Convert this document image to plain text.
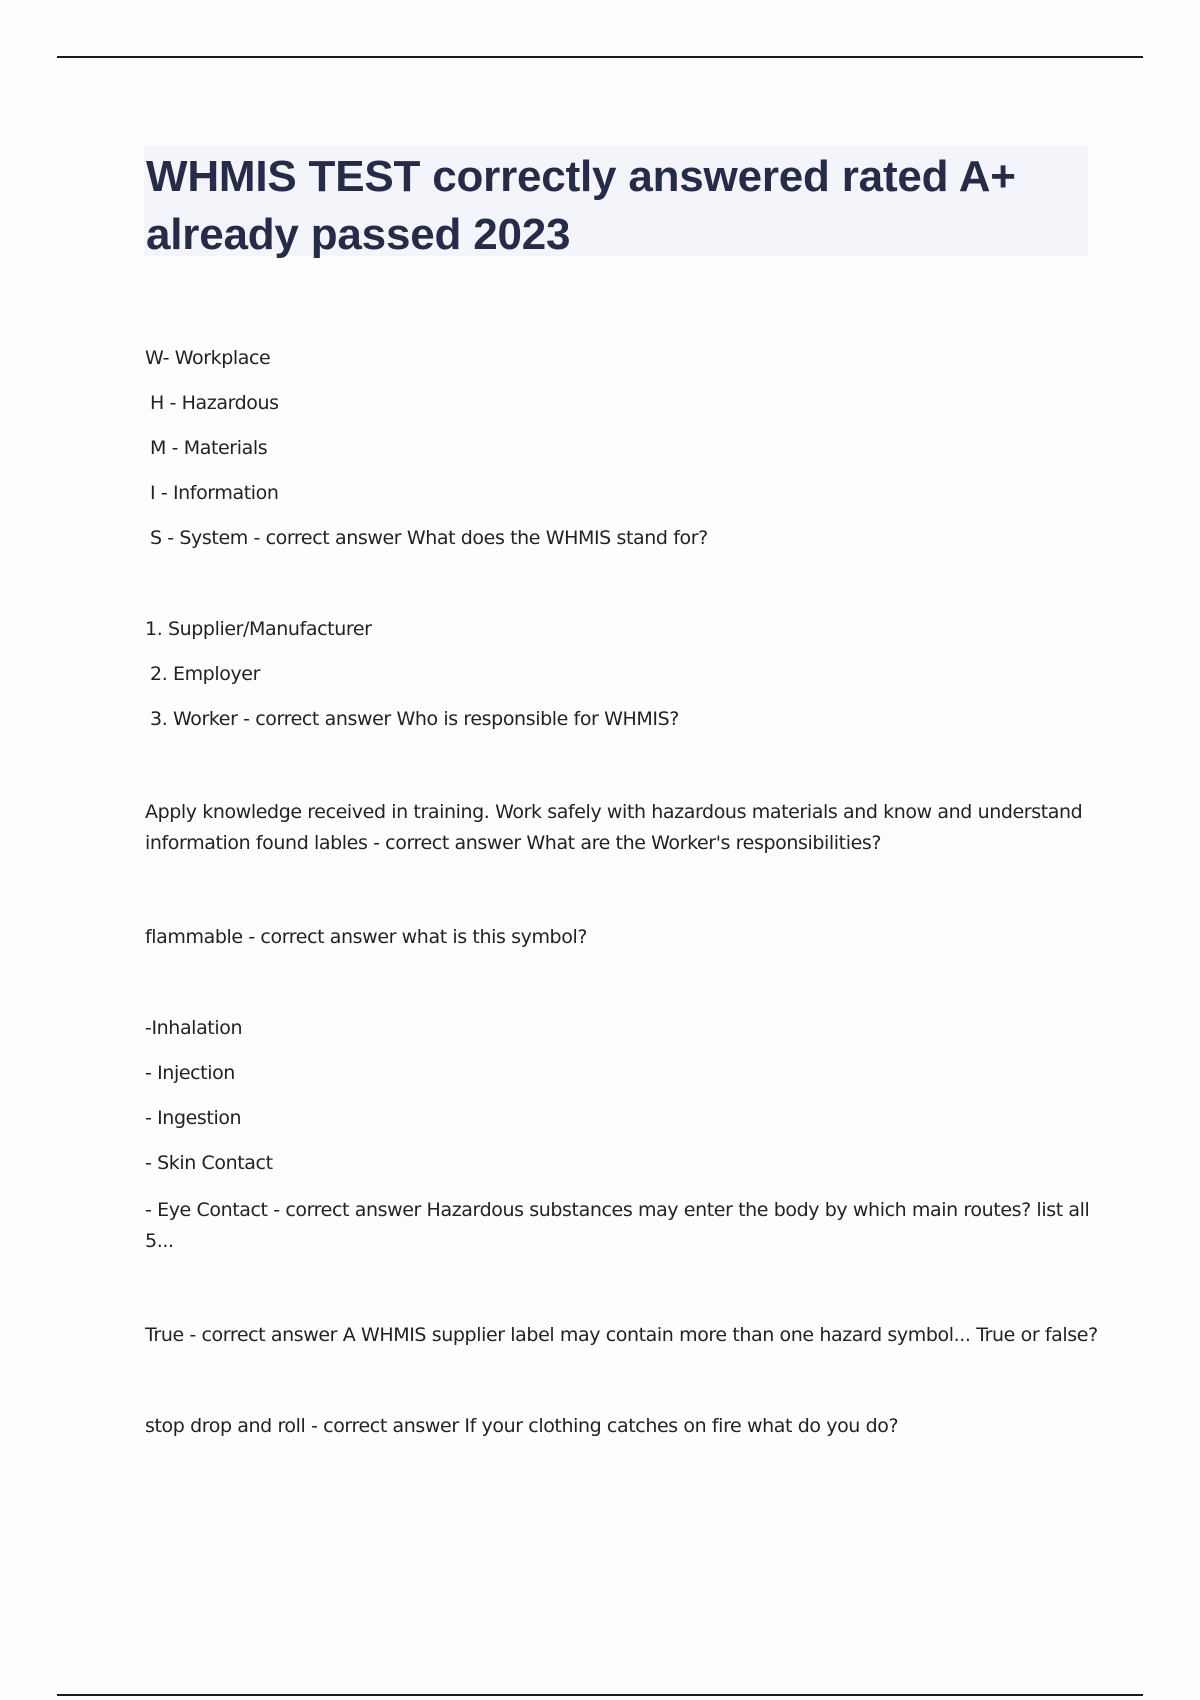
WHMIS TEST correctly answered rated A+ already passed 2023

W- Workplace

H - Hazardous

M - Materials

I - Information

S - System - correct answer What does the WHMIS stand for?

1. Supplier/Manufacturer

2. Employer

3. Worker - correct answer Who is responsible for WHMIS?

Apply knowledge received in training. Work safely with hazardous materials and know and understand information found lables - correct answer What are the Worker's responsibilities?

flammable - correct answer what is this symbol?

-Inhalation

- Injection

- Ingestion

- Skin Contact

- Eye Contact - correct answer Hazardous substances may enter the body by which main routes? list all 5...

True - correct answer A WHMIS supplier label may contain more than one hazard symbol... True or false?

stop drop and roll - correct answer If your clothing catches on fire what do you do?
